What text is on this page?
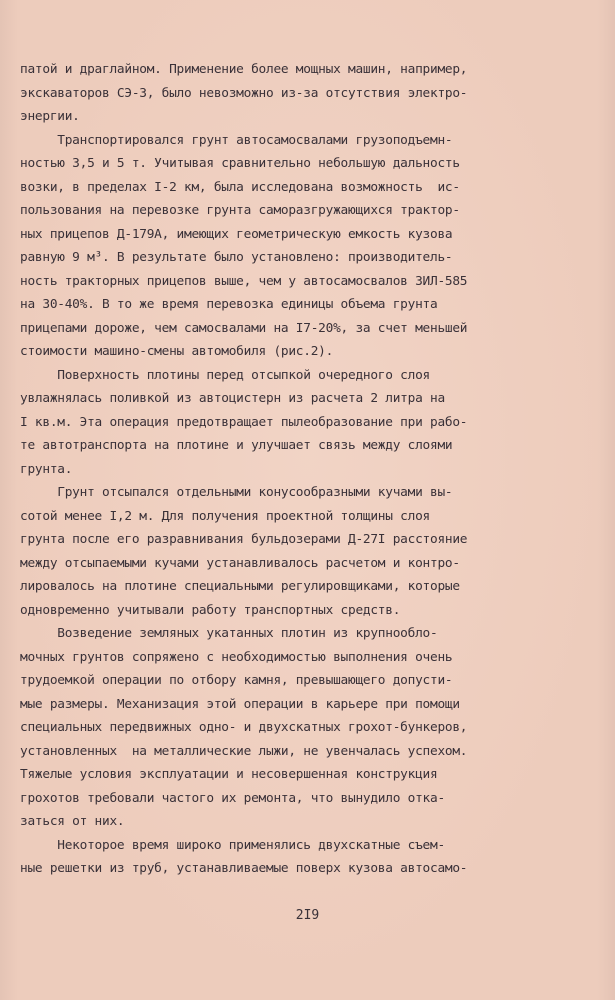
патой и драглайном. Применение более мощных машин, например,
экскаваторов СЭ-3, было невозможно из-за отсутствия электро-
энергии.
Транспортировался грунт автосамосвалами грузоподъемн-
ностью 3,5 и 5 т. Учитывая сравнительно небольшую дальность
возки, в пределах I-2 км, была исследована возможность  ис-
пользования на перевозке грунта саморазгружающихся трактор-
ных прицепов Д-179А, имеющих геометрическую емкость кузова
равную 9 м³. В результате было установлено: производитель-
ность тракторных прицепов выше, чем у автосамосвалов ЗИЛ-585
на 30-40%. В то же время перевозка единицы объема грунта
прицепами дороже, чем самосвалами на I7-20%, за счет меньшей
стоимости машино-смены автомобиля (рис.2).
Поверхность плотины перед отсыпкой очередного слоя
увлажнялась поливкой из автоцистерн из расчета 2 литра на
I кв.м. Эта операция предотвращает пылеобразование при рабо-
те автотранспорта на плотине и улучшает связь между слоями
грунта.
Грунт отсыпался отдельными конусообразными кучами вы-
сотой менее I,2 м. Для получения проектной толщины слоя
грунта после его разравнивания бульдозерами Д-27I расстояние
между отсыпаемыми кучами устанавливалось расчетом и контро-
лировалось на плотине специальными регулировщиками, которые
одновременно учитывали работу транспортных средств.
Возведение земляных укатанных плотин из крупнообло-
мочных грунтов сопряжено с необходимостью выполнения очень
трудоемкой операции по отбору камня, превышающего допусти-
мые размеры. Механизация этой операции в карьере при помощи
специальных передвижных одно- и двухскатных грохот-бункеров,
установленных  на металлические лыжи, не увенчалась успехом.
Тяжелые условия эксплуатации и несовершенная конструкция
грохотов требовали частого их ремонта, что вынудило отка-
заться от них.
Некоторое время широко применялись двухскатные съем-
ные решетки из труб, устанавливаемые поверх кузова автосамо-
2I9
